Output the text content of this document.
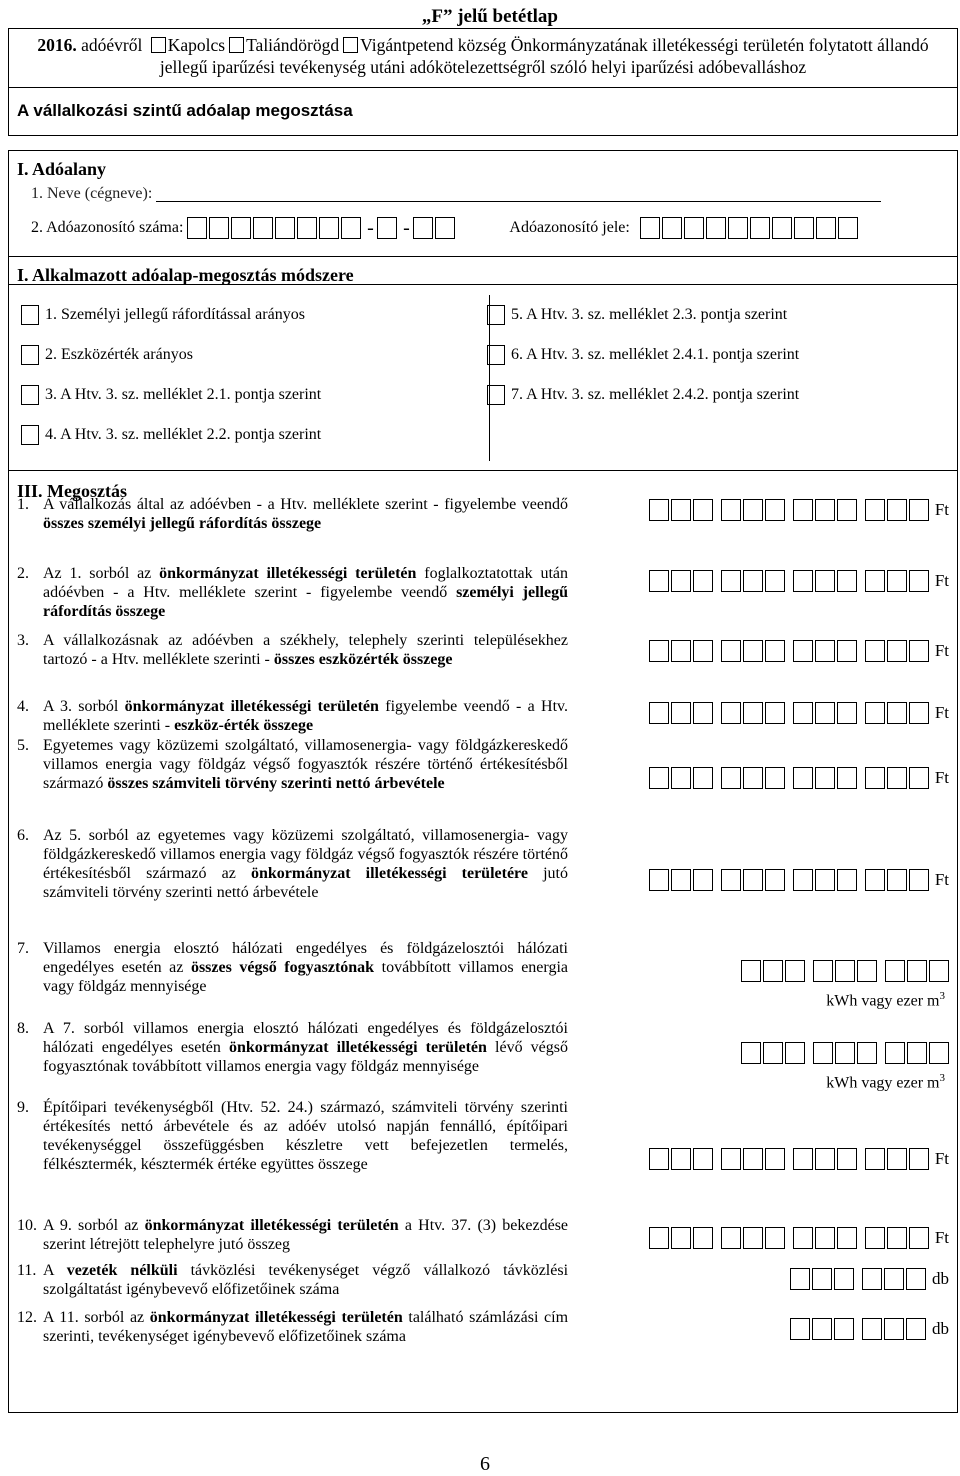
„F” jelű betétlap
2016. adóévről Kapolcs Taliándörögd Vigántpetend község Önkormányzatának illetékességi területén folytatott állandó jellegű iparűzési tevékenység utáni adókötelezettségről szóló helyi iparűzési adóbevalláshoz
A vállalkozási szintű adóalap megosztása
I. Adóalany
1. Neve (cégneve):
2. Adóazonosító száma:	- -	Adóazonosító jele:
I. Alkalmazott adóalap-megosztás módszere
1. Személyi jellegű ráfordítással arányos	5. A Htv. 3. sz. melléklet 2.3. pontja szerint
2. Eszközérték arányos	6. A Htv. 3. sz. melléklet 2.4.1. pontja szerint
3. A Htv. 3. sz. melléklet 2.1. pontja szerint	7. A Htv. 3. sz. melléklet 2.4.2. pontja szerint
4. A Htv. 3. sz. melléklet 2.2. pontja szerint
III. Megosztás
1. A vállalkozás által az adóévben - a Htv. melléklete szerint - figyelembe veendő összes személyi jellegű ráfordítás összege
Ft
2. Az 1. sorból az önkormányzat illetékességi területén foglalkoztatottak után adóévben - a Htv. melléklete szerint - figyelembe veendő személyi jellegű ráfordítás összege
Ft
3. A vállalkozásnak az adóévben a székhely, telephely szerinti településekhez tartozó - a Htv. melléklete szerinti - összes eszközérték összege	Ft
4. A 3. sorból önkormányzat illetékességi területén figyelembe veendő - a Htv. melléklete szerinti - eszköz-érték összege
Ft
5. Egyetemes vagy közüzemi szolgáltató, villamosenergia- vagy földgázkereskedő villamos energia vagy földgáz végső fogyasztók részére történő értékesítésből származó összes számviteli törvény szerinti nettó árbevétele	Ft
6. Az 5. sorból az egyetemes vagy közüzemi szolgáltató, villamosenergia- vagy földgázkereskedő villamos energia vagy földgáz végső fogyasztók részére történő értékesítésből származó az önkormányzat illetékességi területére jutó számviteli törvény szerinti nettó árbevétele
Ft
7. Villamos energia elosztó hálózati engedélyes és földgázelosztói hálózati engedélyes esetén az összes végső fogyasztónak továbbított villamos energia vagy földgáz mennyisége
kWh vagy ezer $m^3$
8. A 7. sorból villamos energia elosztó hálózati engedélyes és földgázelosztói hálózati engedélyes esetén önkormányzat illetékességi területén lévő végső fogyasztónak továbbított villamos energia vagy földgáz mennyisége
kWh vagy ezer $m^3$
9. Építőipari tevékenységből (Htv. 52. 24.) származó, számviteli törvény szerinti értékesítés nettó árbevétele és az adóév utolsó napján fennálló, építőipari tevékenységgel összefüggésben készletre vett befejezetlen termelés, félkésztermék, késztermék értéke együttes összege	Ft
10. A 9. sorból az önkormányzat illetékességi területén a Htv. 37. (3) bekezdése szerint létrejött telephelyre jutó összeg	Ft
11. A vezeték nélküli távközlési tevékenységet végző vállalkozó távközlési szolgáltatást igénybevevő előfizetőinek száma
db
12. A 11. sorból az önkormányzat illetékességi területén található számlázási cím szerinti, tevékenységet igénybevevő előfizetőinek száma	db
6
